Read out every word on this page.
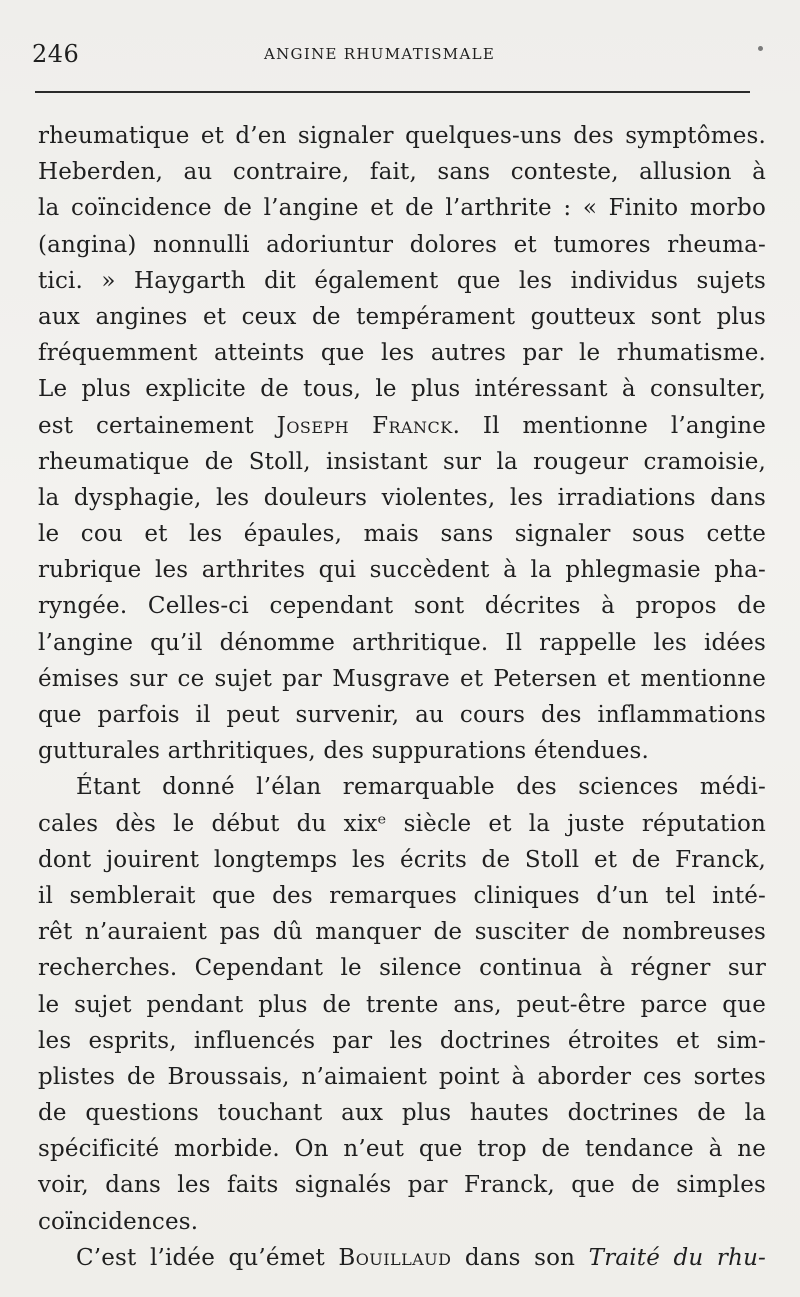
246	ANGINE RHUMATISMALE
rheumatique et d’en signaler quelques-uns des symptômes.
Heberden, au contraire, fait, sans conteste, allusion à
la coïncidence de l’angine et de l’arthrite : « Finito morbo
(angina) nonnulli adoriuntur dolores et tumores rheuma-
tici. » Haygarth dit également que les individus sujets
aux angines et ceux de tempérament goutteux sont plus
fréquemment atteints que les autres par le rhumatisme.
Le plus explicite de tous, le plus intéressant à consulter,
est certainement Joseph Franck. Il mentionne l’angine
rheumatique de Stoll, insistant sur la rougeur cramoisie,
la dysphagie, les douleurs violentes, les irradiations dans
le cou et les épaules, mais sans signaler sous cette
rubrique les arthrites qui succèdent à la phlegmasie pha-
ryngée. Celles-ci cependant sont décrites à propos de
l’angine qu’il dénomme arthritique. Il rappelle les idées
émises sur ce sujet par Musgrave et Petersen et mentionne
que parfois il peut survenir, au cours des inflammations
gutturales arthritiques, des suppurations étendues.
Étant donné l’élan remarquable des sciences médi-
cales dès le début du xixᵉ siècle et la juste réputation
dont jouirent longtemps les écrits de Stoll et de Franck,
il semblerait que des remarques cliniques d’un tel inté-
rêt n’auraient pas dû manquer de susciter de nombreuses
recherches. Cependant le silence continua à régner sur
le sujet pendant plus de trente ans, peut-être parce que
les esprits, influencés par les doctrines étroites et sim-
plistes de Broussais, n’aimaient point à aborder ces sortes
de questions touchant aux plus hautes doctrines de la
spécificité morbide. On n’eut que trop de tendance à ne
voir, dans les faits signalés par Franck, que de simples
coïncidences.
C’est l’idée qu’émet Bouillaud dans son Traité du rhu-
